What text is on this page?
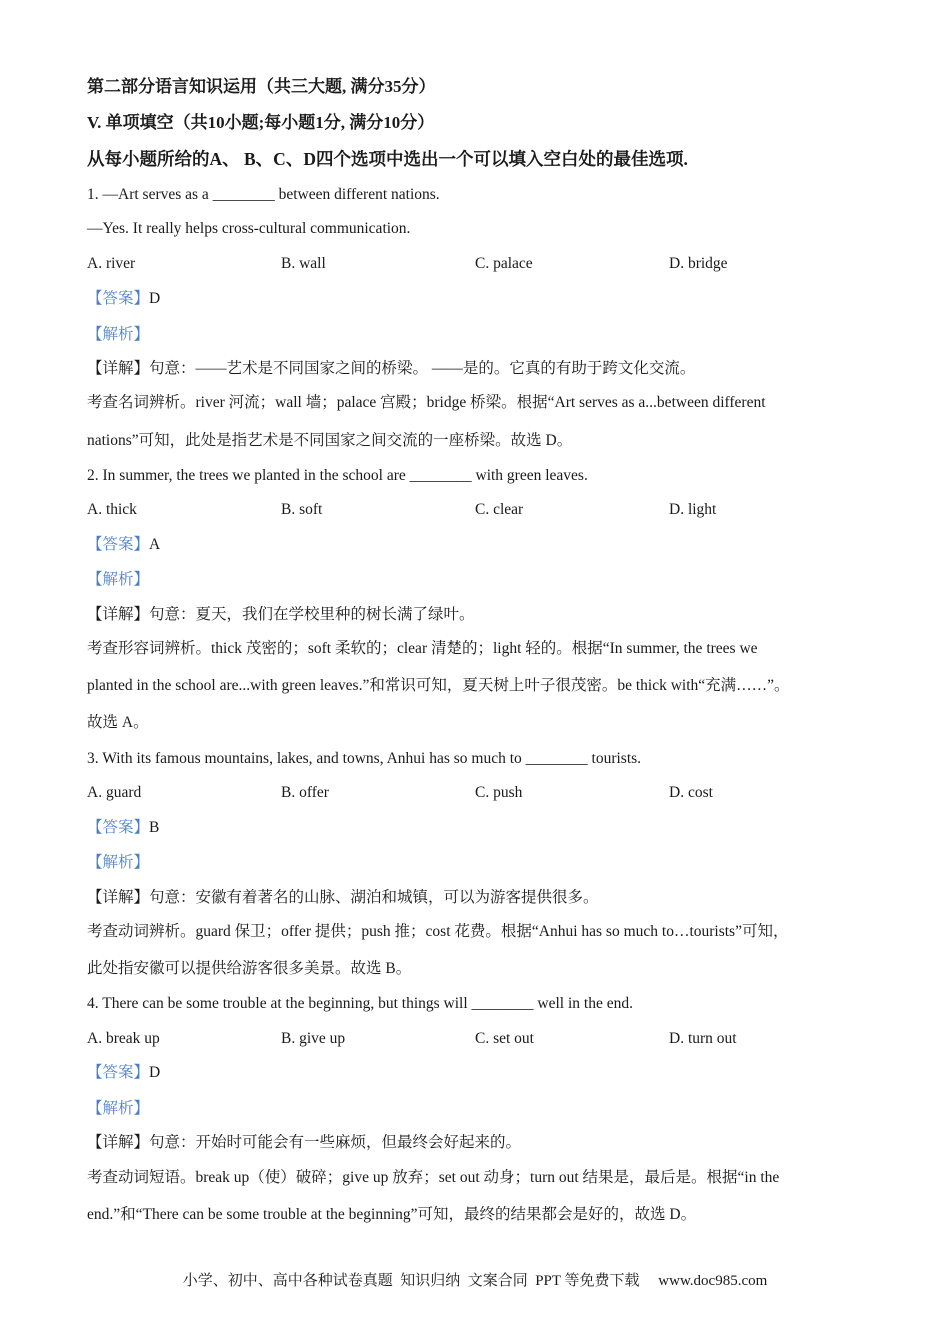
第二部分语言知识运用（共三大题, 满分35分）
V. 单项填空（共10小题;每小题1分, 满分10分）
从每小题所给的A、 B、C、D四个选项中选出一个可以填入空白处的最佳选项.
1. —Art serves as a ________ between different nations.
—Yes. It really helps cross-cultural communication.
A. river	B. wall	C. palace	D. bridge
【答案】D
【解析】
【详解】句意：——艺术是不同国家之间的桥梁。 ——是的。它真的有助于跨文化交流。
考查名词辨析。river 河流；wall 墙；palace 宫殿；bridge 桥梁。根据“Art serves as a...between different
nations”可知，此处是指艺术是不同国家之间交流的一座桥梁。故选 D。
2. In summer, the trees we planted in the school are ________ with green leaves.
A. thick	B. soft	C. clear	D. light
【答案】A
【解析】
【详解】句意：夏天，我们在学校里种的树长满了绿叶。
考查形容词辨析。thick 茂密的；soft 柔软的；clear 清楚的；light 轻的。根据“In summer, the trees we
planted in the school are...with green leaves.”和常识可知，夏天树上叶子很茂密。be thick with“充满……”。
故选 A。
3. With its famous mountains, lakes, and towns, Anhui has so much to ________ tourists.
A. guard	B. offer	C. push	D. cost
【答案】B
【解析】
【详解】句意：安徽有着著名的山脉、湖泊和城镇，可以为游客提供很多。
考查动词辨析。guard 保卫；offer 提供；push 推；cost 花费。根据“Anhui has so much to…tourists”可知，
此处指安徽可以提供给游客很多美景。故选 B。
4. There can be some trouble at the beginning, but things will ________ well in the end.
A. break up	B. give up	C. set out	D. turn out
【答案】D
【解析】
【详解】句意：开始时可能会有一些麻烦，但最终会好起来的。
考查动词短语。break up（使）破碎；give up 放弃；set out 动身；turn out 结果是，最后是。根据“in the
end.”和“There can be some trouble at the beginning”可知，最终的结果都会是好的，故选 D。
小学、初中、高中各种试卷真题  知识归纳  文案合同  PPT 等免费下载     www.doc985.com
